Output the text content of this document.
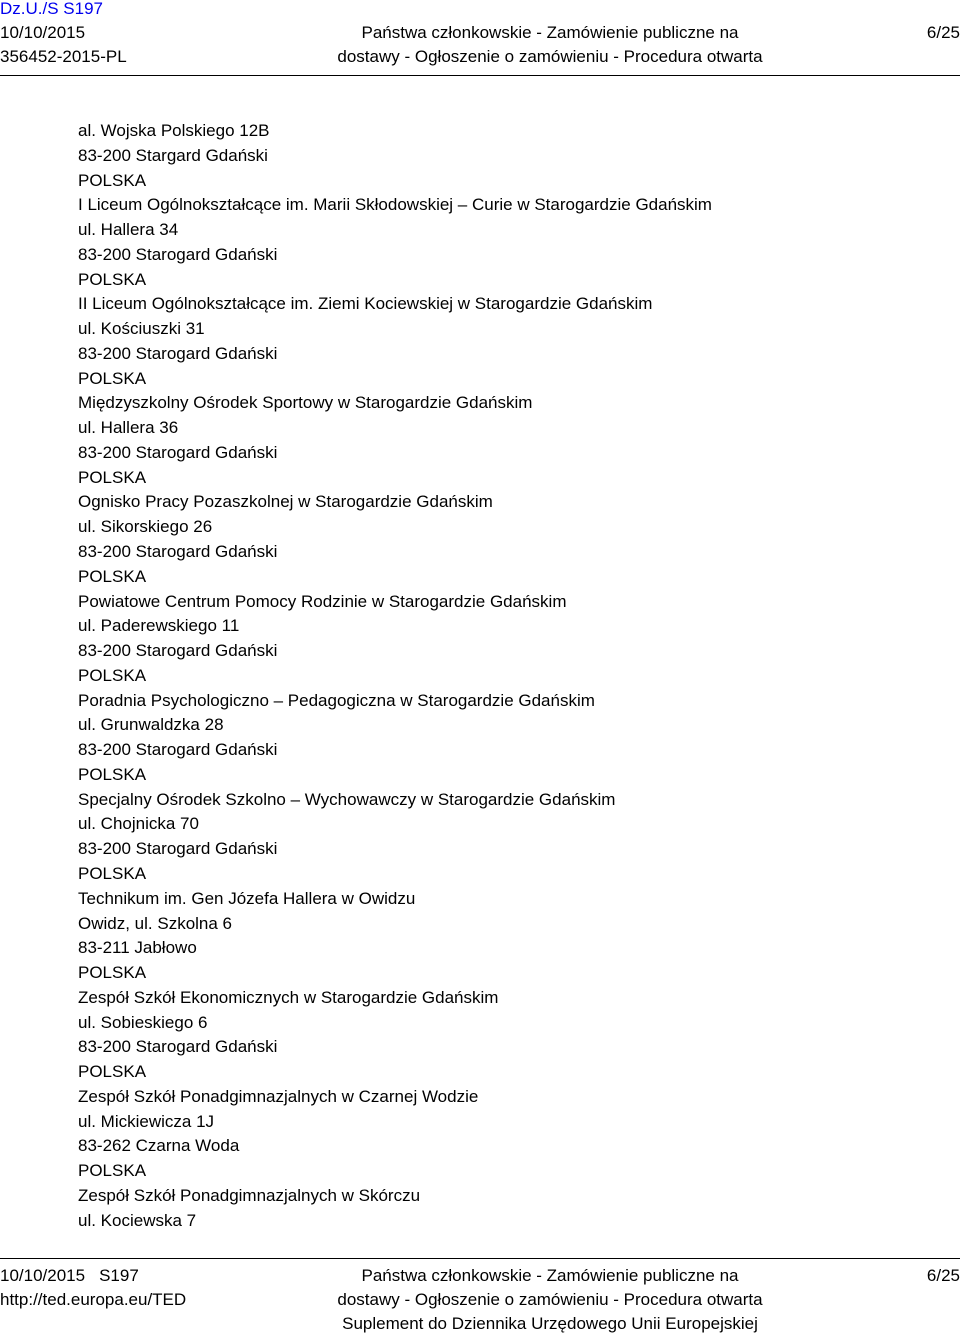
Dz.U./S S197
10/10/2015
356452-2015-PL
Państwa członkowskie - Zamówienie publiczne na
dostawy - Ogłoszenie o zamówieniu - Procedura otwarta
6/25
al. Wojska Polskiego 12B
83-200 Stargard Gdański
POLSKA
I Liceum Ogólnokształcące im. Marii Skłodowskiej – Curie w Starogardzie Gdańskim
ul. Hallera 34
83-200 Starogard Gdański
POLSKA
II Liceum Ogólnokształcące im. Ziemi Kociewskiej w Starogardzie Gdańskim
ul. Kościuszki 31
83-200 Starogard Gdański
POLSKA
Międzyszkolny Ośrodek Sportowy w Starogardzie Gdańskim
ul. Hallera 36
83-200 Starogard Gdański
POLSKA
Ognisko Pracy Pozaszkolnej w Starogardzie Gdańskim
ul. Sikorskiego 26
83-200 Starogard Gdański
POLSKA
Powiatowe Centrum Pomocy Rodzinie w Starogardzie Gdańskim
ul. Paderewskiego 11
83-200 Starogard Gdański
POLSKA
Poradnia Psychologiczno – Pedagogiczna w Starogardzie Gdańskim
ul. Grunwaldzka 28
83-200 Starogard Gdański
POLSKA
Specjalny Ośrodek Szkolno – Wychowawczy w Starogardzie Gdańskim
ul. Chojnicka 70
83-200 Starogard Gdański
POLSKA
Technikum im. Gen Józefa Hallera w Owidzu
Owidz, ul. Szkolna 6
83-211 Jabłowo
POLSKA
Zespół Szkół Ekonomicznych w Starogardzie Gdańskim
ul. Sobieskiego 6
83-200 Starogard Gdański
POLSKA
Zespół Szkół Ponadgimnazjalnych w Czarnej Wodzie
ul. Mickiewicza 1J
83-262 Czarna Woda
POLSKA
Zespół Szkół Ponadgimnazjalnych w Skórczu
ul. Kociewska 7
10/10/2015 S197
http://ted.europa.eu/TED
Państwa członkowskie - Zamówienie publiczne na
dostawy - Ogłoszenie o zamówieniu - Procedura otwarta
Suplement do Dziennika Urzędowego Unii Europejskiej
6/25
